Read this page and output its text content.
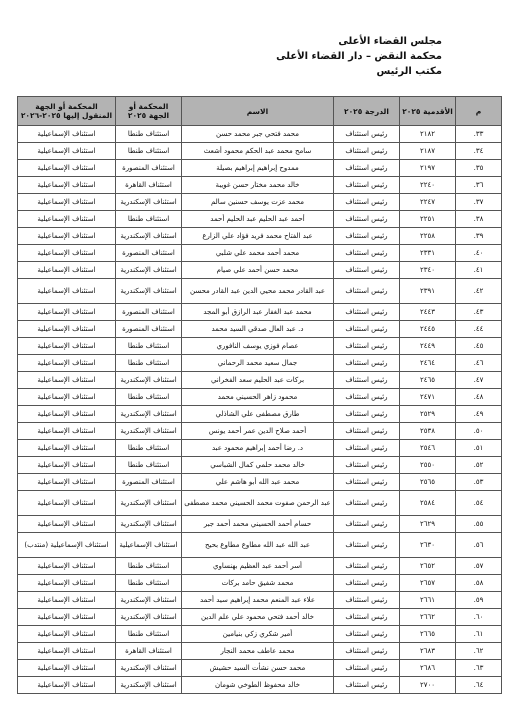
مجلس القضاء الأعلى
محكمة النقض – دار القضاء الأعلى
مكتب الرئيس
م	الأقدمية ٢٠٢٥	الدرجة ٢٠٢٥	الاسم	المحكمة أو الجهة ٢٠٢٥	المحكمة أو الجهة المنقول إليها ٢٠٢٥-٢٠٢٦
٣٣.	٢١٨٢	رئيس استئناف	محمد فتحي جبر محمد حسن	استئناف طنطا	استئناف الإسماعيلية
٣٤.	٢١٨٧	رئيس استئناف	سامح محمد عبد الحكم محمود أشعث	استئناف طنطا	استئناف الإسماعيلية
٣٥.	٢١٩٧	رئيس استئناف	ممدوح إبراهيم إبراهيم بصيلة	استئناف المنصورة	استئناف الإسماعيلية
٣٦.	٢٢٤٠	رئيس استئناف	خالد محمد مختار حسن غويبة	استئناف القاهرة	استئناف الإسماعيلية
٣٧.	٢٢٤٧	رئيس استئناف	محمد عزت يوسف حسنين سالم	استئناف الإسكندرية	استئناف الإسماعيلية
٣٨.	٢٢٥١	رئيس استئناف	أحمد عبد الحليم عبد الحليم أحمد	استئناف طنطا	استئناف الإسماعيلية
٣٩.	٢٢٥٨	رئيس استئناف	عبد الفتاح محمد فريد فؤاد علي الزارع	استئناف الإسكندرية	استئناف الإسماعيلية
٤٠.	٢٣٣١	رئيس استئناف	محمد أحمد محمد علي شلبي	استئناف المنصورة	استئناف الإسماعيلية
٤١.	٢٣٤٠	رئيس استئناف	محمد حسن أحمد علي صيام	استئناف الإسكندرية	استئناف الإسماعيلية
٤٢.	٢٣٩١	رئيس استئناف	عبد القادر محمد محيي الدين عبد القادر محسن	استئناف الإسكندرية	استئناف الإسماعيلية
٤٣.	٢٤٤٣	رئيس استئناف	محمد عبد الغفار عبد الرازق أبو المجد	استئناف المنصورة	استئناف الإسماعيلية
٤٤.	٢٤٤٥	رئيس استئناف	د. عبد العال صدقي السيد محمد	استئناف المنصورة	استئناف الإسماعيلية
٤٥.	٢٤٤٩	رئيس استئناف	عصام فوزي يوسف النافوري	استئناف طنطا	استئناف الإسماعيلية
٤٦.	٢٤٦٤	رئيس استئناف	جمال سعيد محمد الرحماني	استئناف طنطا	استئناف الإسماعيلية
٤٧.	٢٤٦٥	رئيس استئناف	بركات عبد الحليم سعد الفخراني	استئناف الإسكندرية	استئناف الإسماعيلية
٤٨.	٢٤٧١	رئيس استئناف	محمود زاهر الحسيني محمد	استئناف طنطا	استئناف الإسماعيلية
٤٩.	٢٥٢٩	رئيس استئناف	طارق مصطفى علي الشاذلي	استئناف الإسكندرية	استئناف الإسماعيلية
٥٠.	٢٥٣٨	رئيس استئناف	أحمد صلاح الدين عمر أحمد يونس	استئناف الإسكندرية	استئناف الإسماعيلية
٥١.	٢٥٤٦	رئيس استئناف	د. رضا أحمد إبراهيم محمود عبد	استئناف طنطا	استئناف الإسماعيلية
٥٢.	٢٥٥٠	رئيس استئناف	خالد محمد حلمي كمال الشباسي	استئناف طنطا	استئناف الإسماعيلية
٥٣.	٢٥٦٥	رئيس استئناف	محمد عبد الله أبو هاشم علي	استئناف المنصورة	استئناف الإسماعيلية
٥٤.	٢٥٨٤	رئيس استئناف	عبد الرحمن صفوت محمد الحسيني محمد مصطفى	استئناف الإسكندرية	استئناف الإسماعيلية
٥٥.	٢٦٢٩	رئيس استئناف	حسام أحمد الحسيني محمد أحمد جبر	استئناف الإسكندرية	استئناف الإسماعيلية
٥٦.	٢٦٣٠	رئيس استئناف	عبد الله عبد الله مطاوع مطاوع بحيح	استئناف الإسماعيلية	استئناف الإسماعيلية (منتدب)
٥٧.	٢٦٥٢	رئيس استئناف	أسر أحمد عبد العظيم بهنساوي	استئناف طنطا	استئناف الإسماعيلية
٥٨.	٢٦٥٧	رئيس استئناف	محمد شفيق حامد بركات	استئناف طنطا	استئناف الإسماعيلية
٥٩.	٢٦٦١	رئيس استئناف	علاء عبد المنعم محمد إبراهيم سيد أحمد	استئناف الإسكندرية	استئناف الإسماعيلية
٦٠.	٢٦٦٢	رئيس استئناف	خالد أحمد فتحي محمود علي علم الدين	استئناف الإسكندرية	استئناف الإسماعيلية
٦١.	٢٦٦٥	رئيس استئناف	أمير شكري زكي بنيامين	استئناف طنطا	استئناف الإسماعيلية
٦٢.	٢٦٨٣	رئيس استئناف	محمد عاطف محمد النجار	استئناف القاهرة	استئناف الإسماعيلية
٦٣.	٢٦٨٦	رئيس استئناف	محمد حسن نشأت السيد حشيش	استئناف الإسكندرية	استئناف الإسماعيلية
٦٤.	٢٧٠٠	رئيس استئناف	خالد محفوظ الطوخي شومان	استئناف الإسكندرية	استئناف الإسماعيلية
